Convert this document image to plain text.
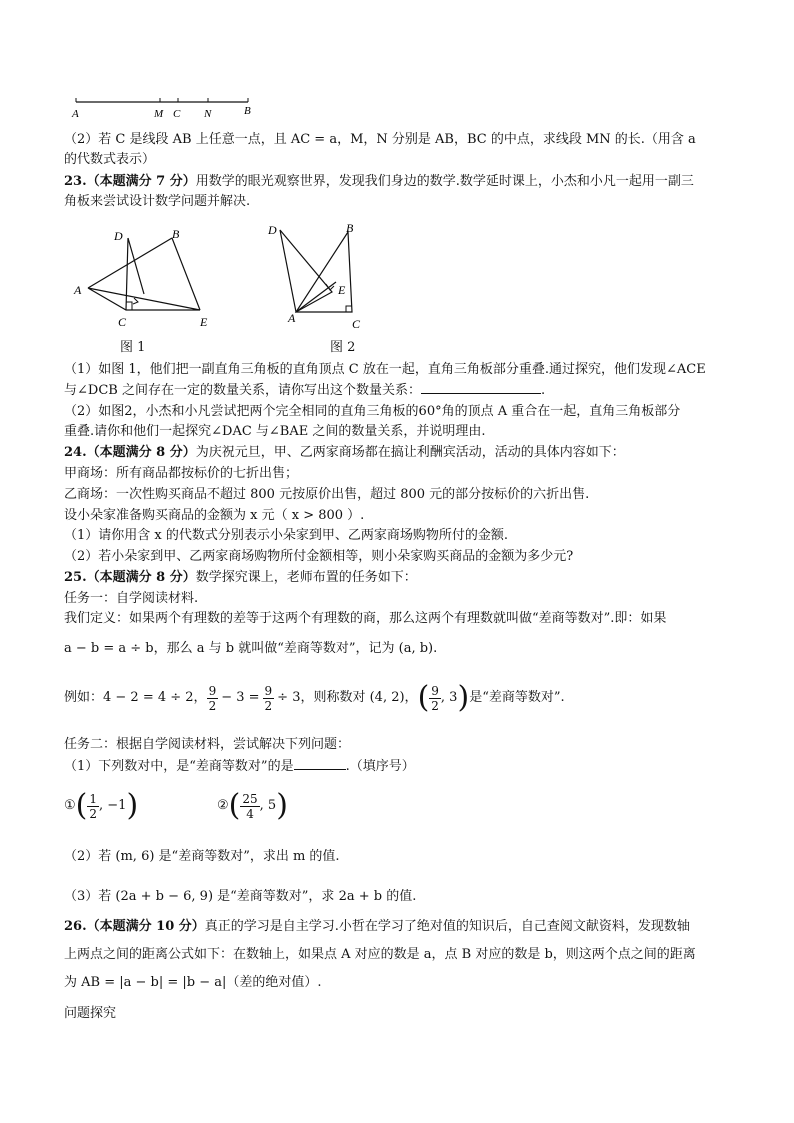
A	M C N	B
（2）若 C 是线段 AB 上任意一点，且 AC = a，M，N 分别是 AB，BC 的中点，求线段 MN 的长.（用含 a
的代数式表示）
23.（本题满分 7 分）用数学的眼光观察世界，发现我们身边的数学.数学延时课上，小杰和小凡一起用一副三
角板来尝试设计数学问题并解决.
D	B
A
C	E
图 1
D	B
E
A	C
图 2
（1）如图 1，他们把一副直角三角板的直角顶点 C 放在一起，直角三角板部分重叠.通过探究，他们发现∠ACE
与∠DCB 之间存在一定的数量关系，请你写出这个数量关系：	.
（2）如图2，小杰和小凡尝试把两个完全相同的直角三角板的60°角的顶点 A 重合在一起，直角三角板部分
重叠.请你和他们一起探究∠DAC 与∠BAE 之间的数量关系，并说明理由.
24.（本题满分 8 分）为庆祝元旦，甲、乙两家商场都在搞让利酬宾活动，活动的具体内容如下：
甲商场：所有商品都按标价的七折出售；
乙商场：一次性购买商品不超过 800 元按原价出售，超过 800 元的部分按标价的六折出售.
设小朵家准备购买商品的金额为 x 元（ x > 800 ）.
（1）请你用含 x 的代数式分别表示小朵家到甲、乙两家商场购物所付的金额.
（2）若小朵家到甲、乙两家商场购物所付金额相等，则小朵家购买商品的金额为多少元?
25.（本题满分 8 分）数学探究课上，老师布置的任务如下：
任务一：自学阅读材料.
我们定义：如果两个有理数的差等于这两个有理数的商，那么这两个有理数就叫做“差商等数对”.即：如果
a − b = a ÷ b，那么 a 与 b 就叫做“差商等数对”，记为 (a, b).
例如：4 − 2 = 4 ÷ 2， $\frac{9}{2} - 3 = \frac{9}{2} \div 3$，则称数对 (4, 2)， ( $\frac{9}{2}$ , 3 ) 是“差商等数对”.
任务二：根据自学阅读材料，尝试解决下列问题：
（1）下列数对中，是“差商等数对”的是	.（填序号）
① ( $\frac{1}{2}$ , −1 )	② ( $\frac{25}{4}$ , 5 )
（2）若 (m, 6) 是“差商等数对”，求出 m 的值.
（3）若 (2a + b − 6, 9) 是“差商等数对”，求 2a + b 的值.
26.（本题满分 10 分）真正的学习是自主学习.小哲在学习了绝对值的知识后，自己查阅文献资料，发现数轴
上两点之间的距离公式如下：在数轴上，如果点 A 对应的数是 a，点 B 对应的数是 b，则这两个点之间的距离
为 AB = |a − b| = |b − a|（差的绝对值）.
问题探究
